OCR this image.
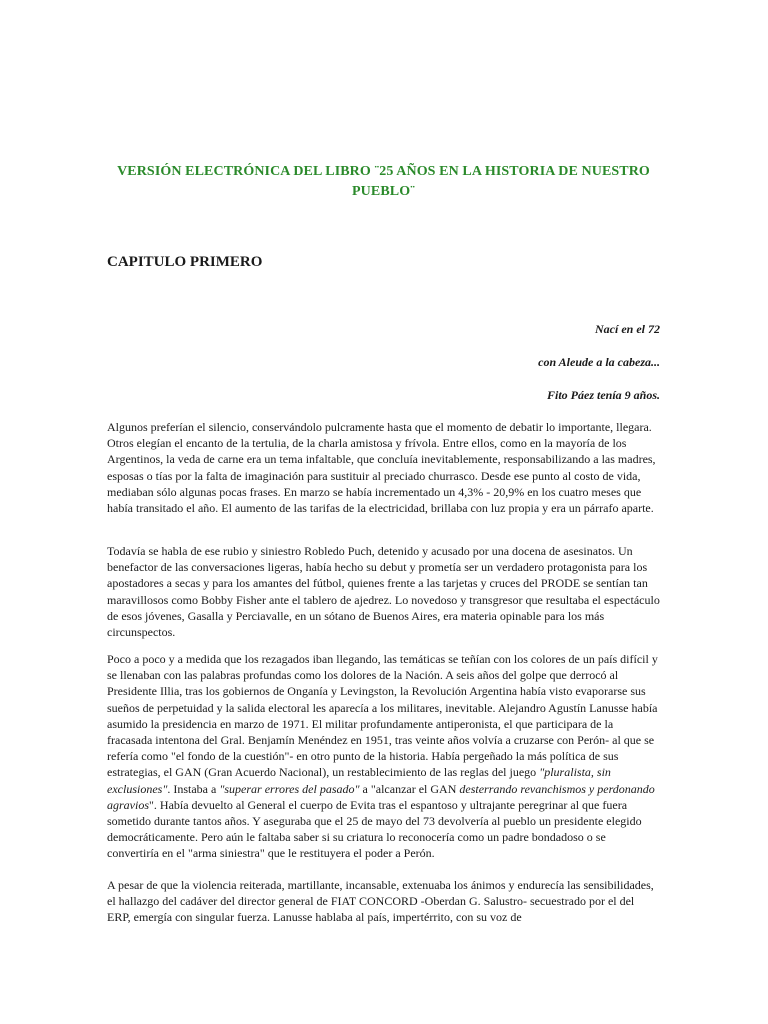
VERSIÓN ELECTRÓNICA DEL LIBRO ¨25 AÑOS EN LA HISTORIA DE NUESTRO PUEBLO¨
CAPITULO PRIMERO
Nací en el 72
con Aleude a la cabeza...
Fito Páez tenía 9 años.

Algunos preferían el silencio, conservándolo pulcramente hasta que el momento de debatir lo importante, llegara. Otros elegían el encanto de la tertulia, de la charla amistosa y frívola. Entre ellos, como en la mayoría de los Argentinos, la veda de carne era un tema infaltable, que concluía inevitablemente, responsabilizando a las madres, esposas o tías por la falta de imaginación para sustituir al preciado churrasco. Desde ese punto al costo de vida, mediaban sólo algunas pocas frases. En marzo se había incrementado un 4,3% - 20,9% en los cuatro meses que había transitado el año. El aumento de las tarifas de la electricidad, brillaba con luz propia y era un párrafo aparte.

Todavía se habla de ese rubio y siniestro Robledo Puch, detenido y acusado por una docena de asesinatos. Un benefactor de las conversaciones ligeras, había hecho su debut y prometía ser un verdadero protagonista para los apostadores a secas y para los amantes del fútbol, quienes frente a las tarjetas y cruces del PRODE se sentían tan maravillosos como Bobby Fisher ante el tablero de ajedrez. Lo novedoso y transgresor que resultaba el espectáculo de esos jóvenes, Gasalla y Perciavalle, en un sótano de Buenos Aires, era materia opinable para los más circunspectos.

Poco a poco y a medida que los rezagados iban llegando, las temáticas se teñían con los colores de un país difícil y se llenaban con las palabras profundas como los dolores de la Nación. A seis años del golpe que derrocó al Presidente Illia, tras los gobiernos de Onganía y Levingston, la Revolución Argentina había visto evaporarse sus sueños de perpetuidad y la salida electoral les aparecía a los militares, inevitable. Alejandro Agustín Lanusse había asumido la presidencia en marzo de 1971. El militar profundamente antiperonista, el que participara de la fracasada intentona del Gral. Benjamín Menéndez en 1951, tras veinte años volvía a cruzarse con Perón- al que se refería como "el fondo de la cuestión"- en otro punto de la historia. Había pergeñado la más política de sus estrategias, el GAN (Gran Acuerdo Nacional), un restablecimiento de las reglas del juego "pluralista, sin exclusiones". Instaba a "superar errores del pasado" a "alcanzar el GAN desterrando revanchismos y perdonando agravios". Había devuelto al General el cuerpo de Evita tras el espantoso y ultrajante peregrinar al que fuera sometido durante tantos años. Y aseguraba que el 25 de mayo del 73 devolvería al pueblo un presidente elegido democráticamente. Pero aún le faltaba saber si su criatura lo reconocería como un padre bondadoso o se convertiría en el "arma siniestra" que le restituyera el poder a Perón.

A pesar de que la violencia reiterada, martillante, incansable, extenuaba los ánimos y endurecía las sensibilidades, el hallazgo del cadáver del director general de FIAT CONCORD -Oberdan G. Salustro- secuestrado por el del ERP, emergía con singular fuerza. Lanusse hablaba al país, impertérrito, con su voz de
